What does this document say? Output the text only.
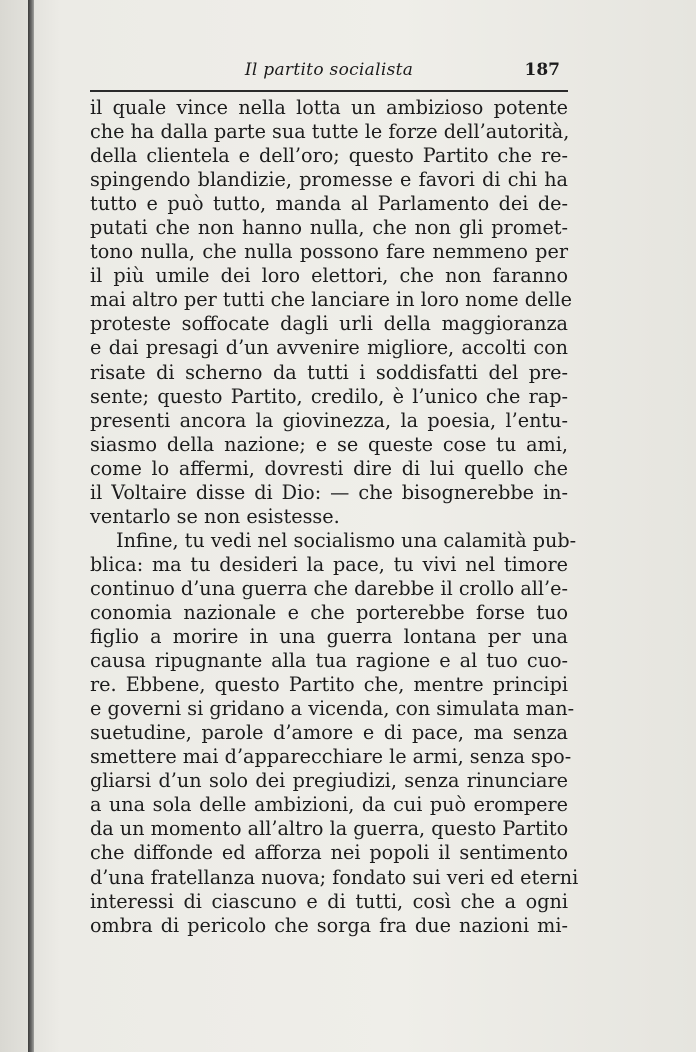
Il partito socialista	187
il quale vince nella lotta un ambizioso potente
che ha dalla parte sua tutte le forze dell’autorità,
della clientela e dell’oro; questo Partito che re-
spingendo blandizie, promesse e favori di chi ha
tutto e può tutto, manda al Parlamento dei de-
putati che non hanno nulla, che non gli promet-
tono nulla, che nulla possono fare nemmeno per
il più umile dei loro elettori, che non faranno
mai altro per tutti che lanciare in loro nome delle
proteste soffocate dagli urli della maggioranza
e dai presagi d’un avvenire migliore, accolti con
risate di scherno da tutti i soddisfatti del pre-
sente; questo Partito, credilo, è l’unico che rap-
presenti ancora la giovinezza, la poesia, l’entu-
siasmo della nazione; e se queste cose tu ami,
come lo affermi, dovresti dire di lui quello che
il Voltaire disse di Dio: — che bisognerebbe in-
ventarlo se non esistesse.
Infine, tu vedi nel socialismo una calamità pub-
blica: ma tu desideri la pace, tu vivi nel timore
continuo d’una guerra che darebbe il crollo all’e-
conomia nazionale e che porterebbe forse tuo
figlio a morire in una guerra lontana per una
causa ripugnante alla tua ragione e al tuo cuo-
re. Ebbene, questo Partito che, mentre principi
e governi si gridano a vicenda, con simulata man-
suetudine, parole d’amore e di pace, ma senza
smettere mai d’apparecchiare le armi, senza spo-
gliarsi d’un solo dei pregiudizi, senza rinunciare
a una sola delle ambizioni, da cui può erompere
da un momento all’altro la guerra, questo Partito
che diffonde ed afforza nei popoli il sentimento
d’una fratellanza nuova; fondato sui veri ed eterni
interessi di ciascuno e di tutti, così che a ogni
ombra di pericolo che sorga fra due nazioni mi-
